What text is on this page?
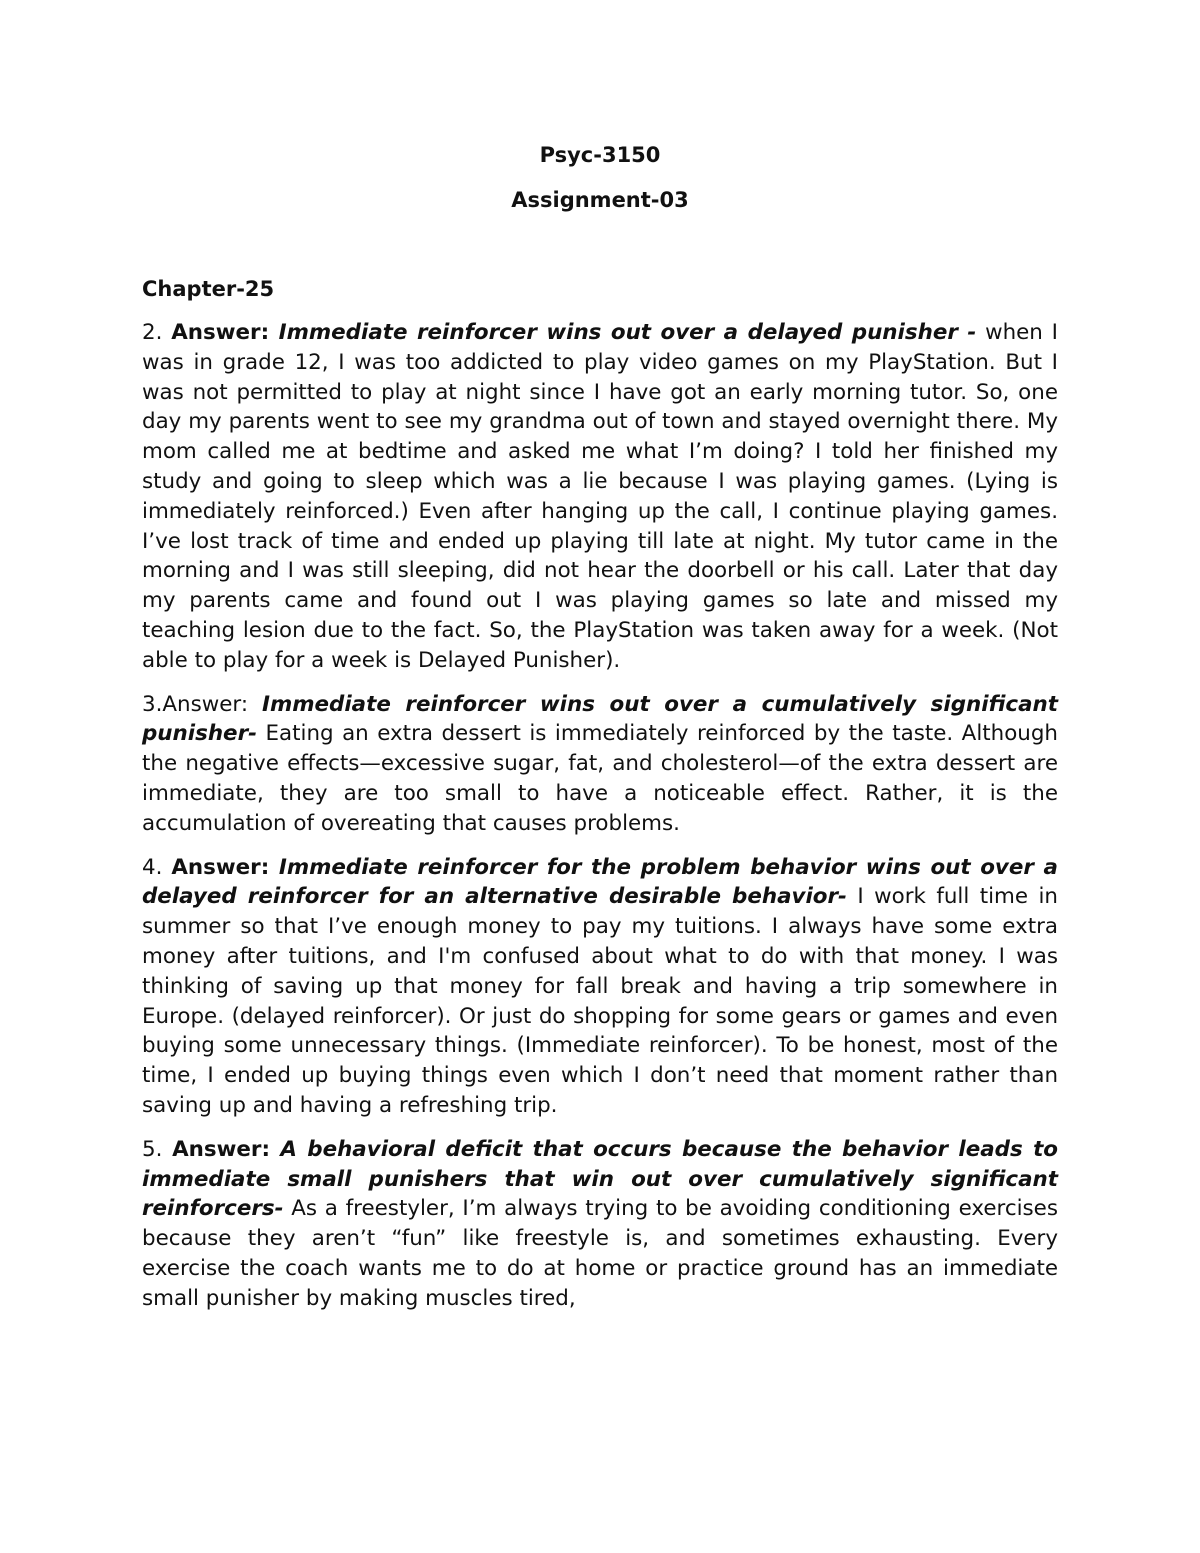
Psyc-3150

Assignment-03

Chapter-25

2. Answer: Immediate reinforcer wins out over a delayed punisher - when I was in grade 12, I was too addicted to play video games on my PlayStation. But I was not permitted to play at night since I have got an early morning tutor. So, one day my parents went to see my grandma out of town and stayed overnight there. My mom called me at bedtime and asked me what I’m doing? I told her finished my study and going to sleep which was a lie because I was playing games. (Lying is immediately reinforced.) Even after hanging up the call, I continue playing games. I’ve lost track of time and ended up playing till late at night. My tutor came in the morning and I was still sleeping, did not hear the doorbell or his call. Later that day my parents came and found out I was playing games so late and missed my teaching lesion due to the fact. So, the PlayStation was taken away for a week. (Not able to play for a week is Delayed Punisher).

3.Answer: Immediate reinforcer wins out over a cumulatively significant punisher- Eating an extra dessert is immediately reinforced by the taste. Although the negative effects—excessive sugar, fat, and cholesterol—of the extra dessert are immediate, they are too small to have a noticeable effect. Rather, it is the accumulation of overeating that causes problems.

4. Answer: Immediate reinforcer for the problem behavior wins out over a delayed reinforcer for an alternative desirable behavior- I work full time in summer so that I’ve enough money to pay my tuitions. I always have some extra money after tuitions, and I'm confused about what to do with that money. I was thinking of saving up that money for fall break and having a trip somewhere in Europe. (delayed reinforcer). Or just do shopping for some gears or games and even buying some unnecessary things. (Immediate reinforcer). To be honest, most of the time, I ended up buying things even which I don’t need that moment rather than saving up and having a refreshing trip.

5. Answer: A behavioral deficit that occurs because the behavior leads to immediate small punishers that win out over cumulatively significant reinforcers- As a freestyler, I’m always trying to be avoiding conditioning exercises because they aren’t “fun” like freestyle is, and sometimes exhausting. Every exercise the coach wants me to do at home or practice ground has an immediate small punisher by making muscles tired,
